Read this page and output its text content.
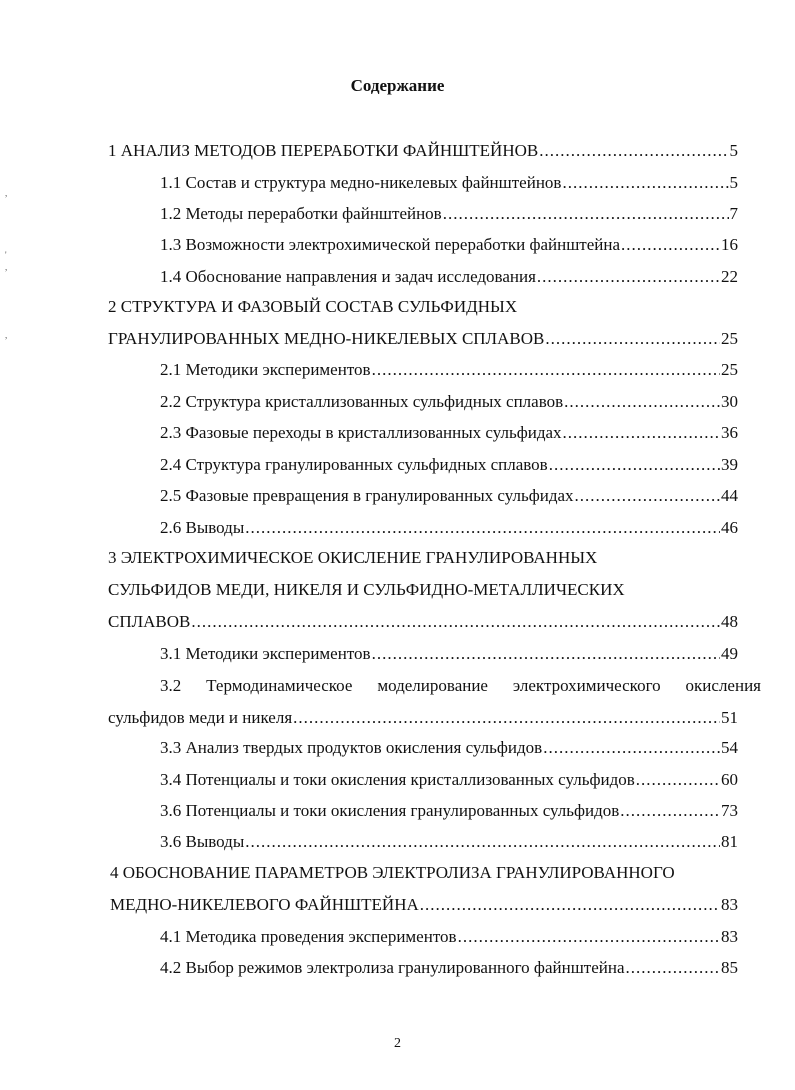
Содержание
1 АНАЛИЗ МЕТОДОВ ПЕРЕРАБОТКИ ФАЙНШТЕЙНОВ .....	5
1.1 Состав и структура медно-никелевых файнштейнов .....	5
1.2 Методы переработки файнштейнов .....	7
1.3 Возможности электрохимической переработки файнштейна .....	16
1.4 Обоснование направления и задач исследования .....	22
2 СТРУКТУРА И ФАЗОВЫЙ СОСТАВ СУЛЬФИДНЫХ
ГРАНУЛИРОВАННЫХ МЕДНО-НИКЕЛЕВЫХ СПЛАВОВ .....	25
2.1 Методики экспериментов .....	25
2.2 Структура кристаллизованных сульфидных сплавов .....	30
2.3 Фазовые переходы в кристаллизованных сульфидах .....	36
2.4 Структура гранулированных сульфидных сплавов .....	39
2.5 Фазовые превращения в гранулированных сульфидах .....	44
2.6 Выводы .....	46
3 ЭЛЕКТРОХИМИЧЕСКОЕ ОКИСЛЕНИЕ ГРАНУЛИРОВАННЫХ
СУЛЬФИДОВ МЕДИ, НИКЕЛЯ И СУЛЬФИДНО-МЕТАЛЛИЧЕСКИХ
СПЛАВОВ .....	48
3.1 Методики экспериментов .....	49
3.2 Термодинамическое моделирование электрохимического окисления
сульфидов меди и никеля .....	51
3.3 Анализ твердых продуктов окисления сульфидов .....	54
3.4 Потенциалы и токи окисления кристаллизованных сульфидов .....	60
3.6 Потенциалы и токи окисления гранулированных сульфидов .....	73
3.6 Выводы .....	81
4 ОБОСНОВАНИЕ ПАРАМЕТРОВ ЭЛЕКТРОЛИЗА ГРАНУЛИРОВАННОГО
МЕДНО-НИКЕЛЕВОГО ФАЙНШТЕЙНА .....	83
4.1 Методика проведения экспериментов .....	83
4.2 Выбор режимов электролиза гранулированного файнштейна .....	85
,
'
,
,
2
